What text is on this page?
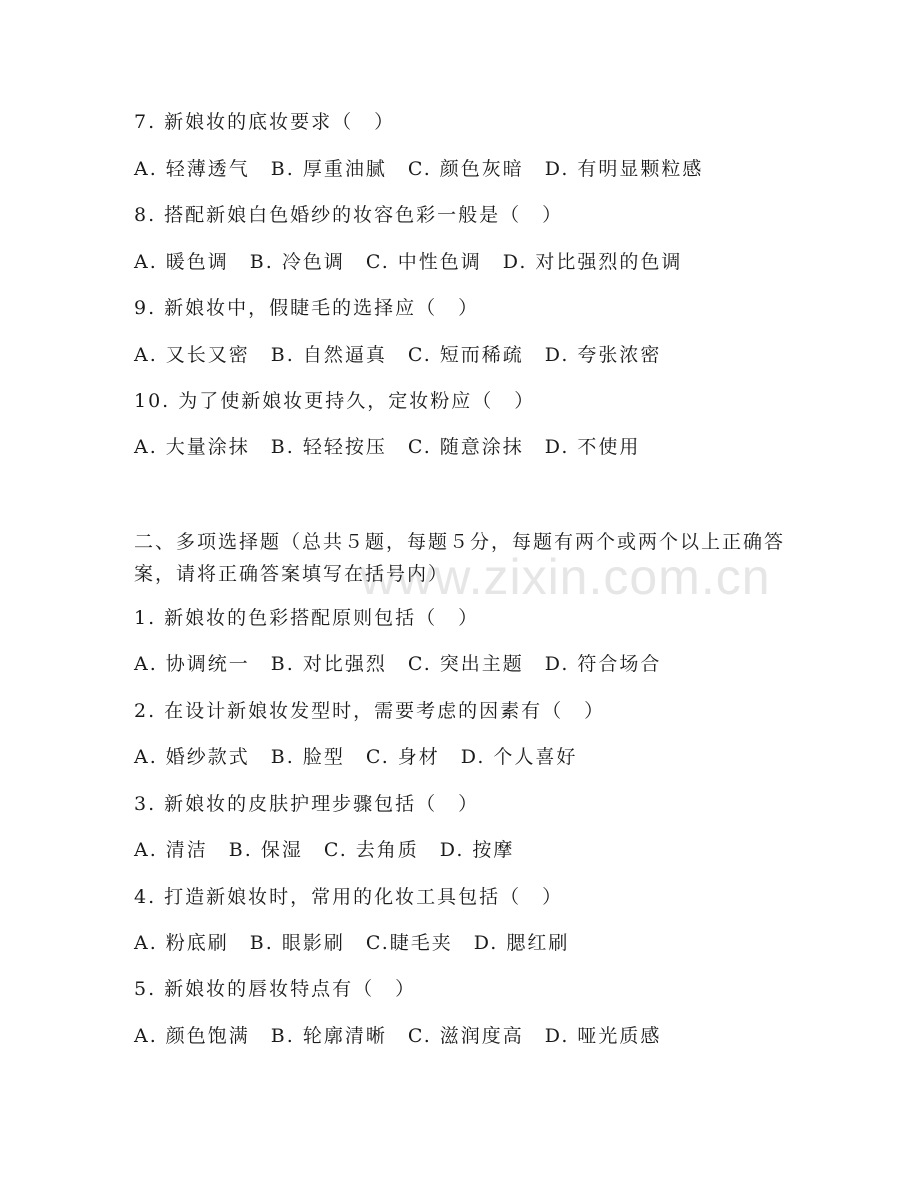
www.zixin.com.cn
7. 新娘妆的底妆要求（　）
A. 轻薄透气　B. 厚重油腻　C. 颜色灰暗　D. 有明显颗粒感
8. 搭配新娘白色婚纱的妆容色彩一般是（　）
A. 暖色调　B. 冷色调　C. 中性色调　D. 对比强烈的色调
9. 新娘妆中，假睫毛的选择应（　）
A. 又长又密　B. 自然逼真　C. 短而稀疏　D. 夸张浓密
10. 为了使新娘妆更持久，定妆粉应（　）
A. 大量涂抹　B. 轻轻按压　C. 随意涂抹　D. 不使用
二、多项选择题（总共５题，每题５分，每题有两个或两个以上正确答案，请将正确答案填写在括号内）
1. 新娘妆的色彩搭配原则包括（　）
A. 协调统一　B. 对比强烈　C. 突出主题　D. 符合场合
2. 在设计新娘妆发型时，需要考虑的因素有（　）
A. 婚纱款式　B. 脸型　C. 身材　D. 个人喜好
3. 新娘妆的皮肤护理步骤包括（　）
A. 清洁　B. 保湿　C. 去角质　D. 按摩
4. 打造新娘妆时，常用的化妆工具包括（　）
A. 粉底刷　B. 眼影刷　C.睫毛夹　D. 腮红刷
5. 新娘妆的唇妆特点有（　）
A. 颜色饱满　B. 轮廓清晰　C. 滋润度高　D. 哑光质感
